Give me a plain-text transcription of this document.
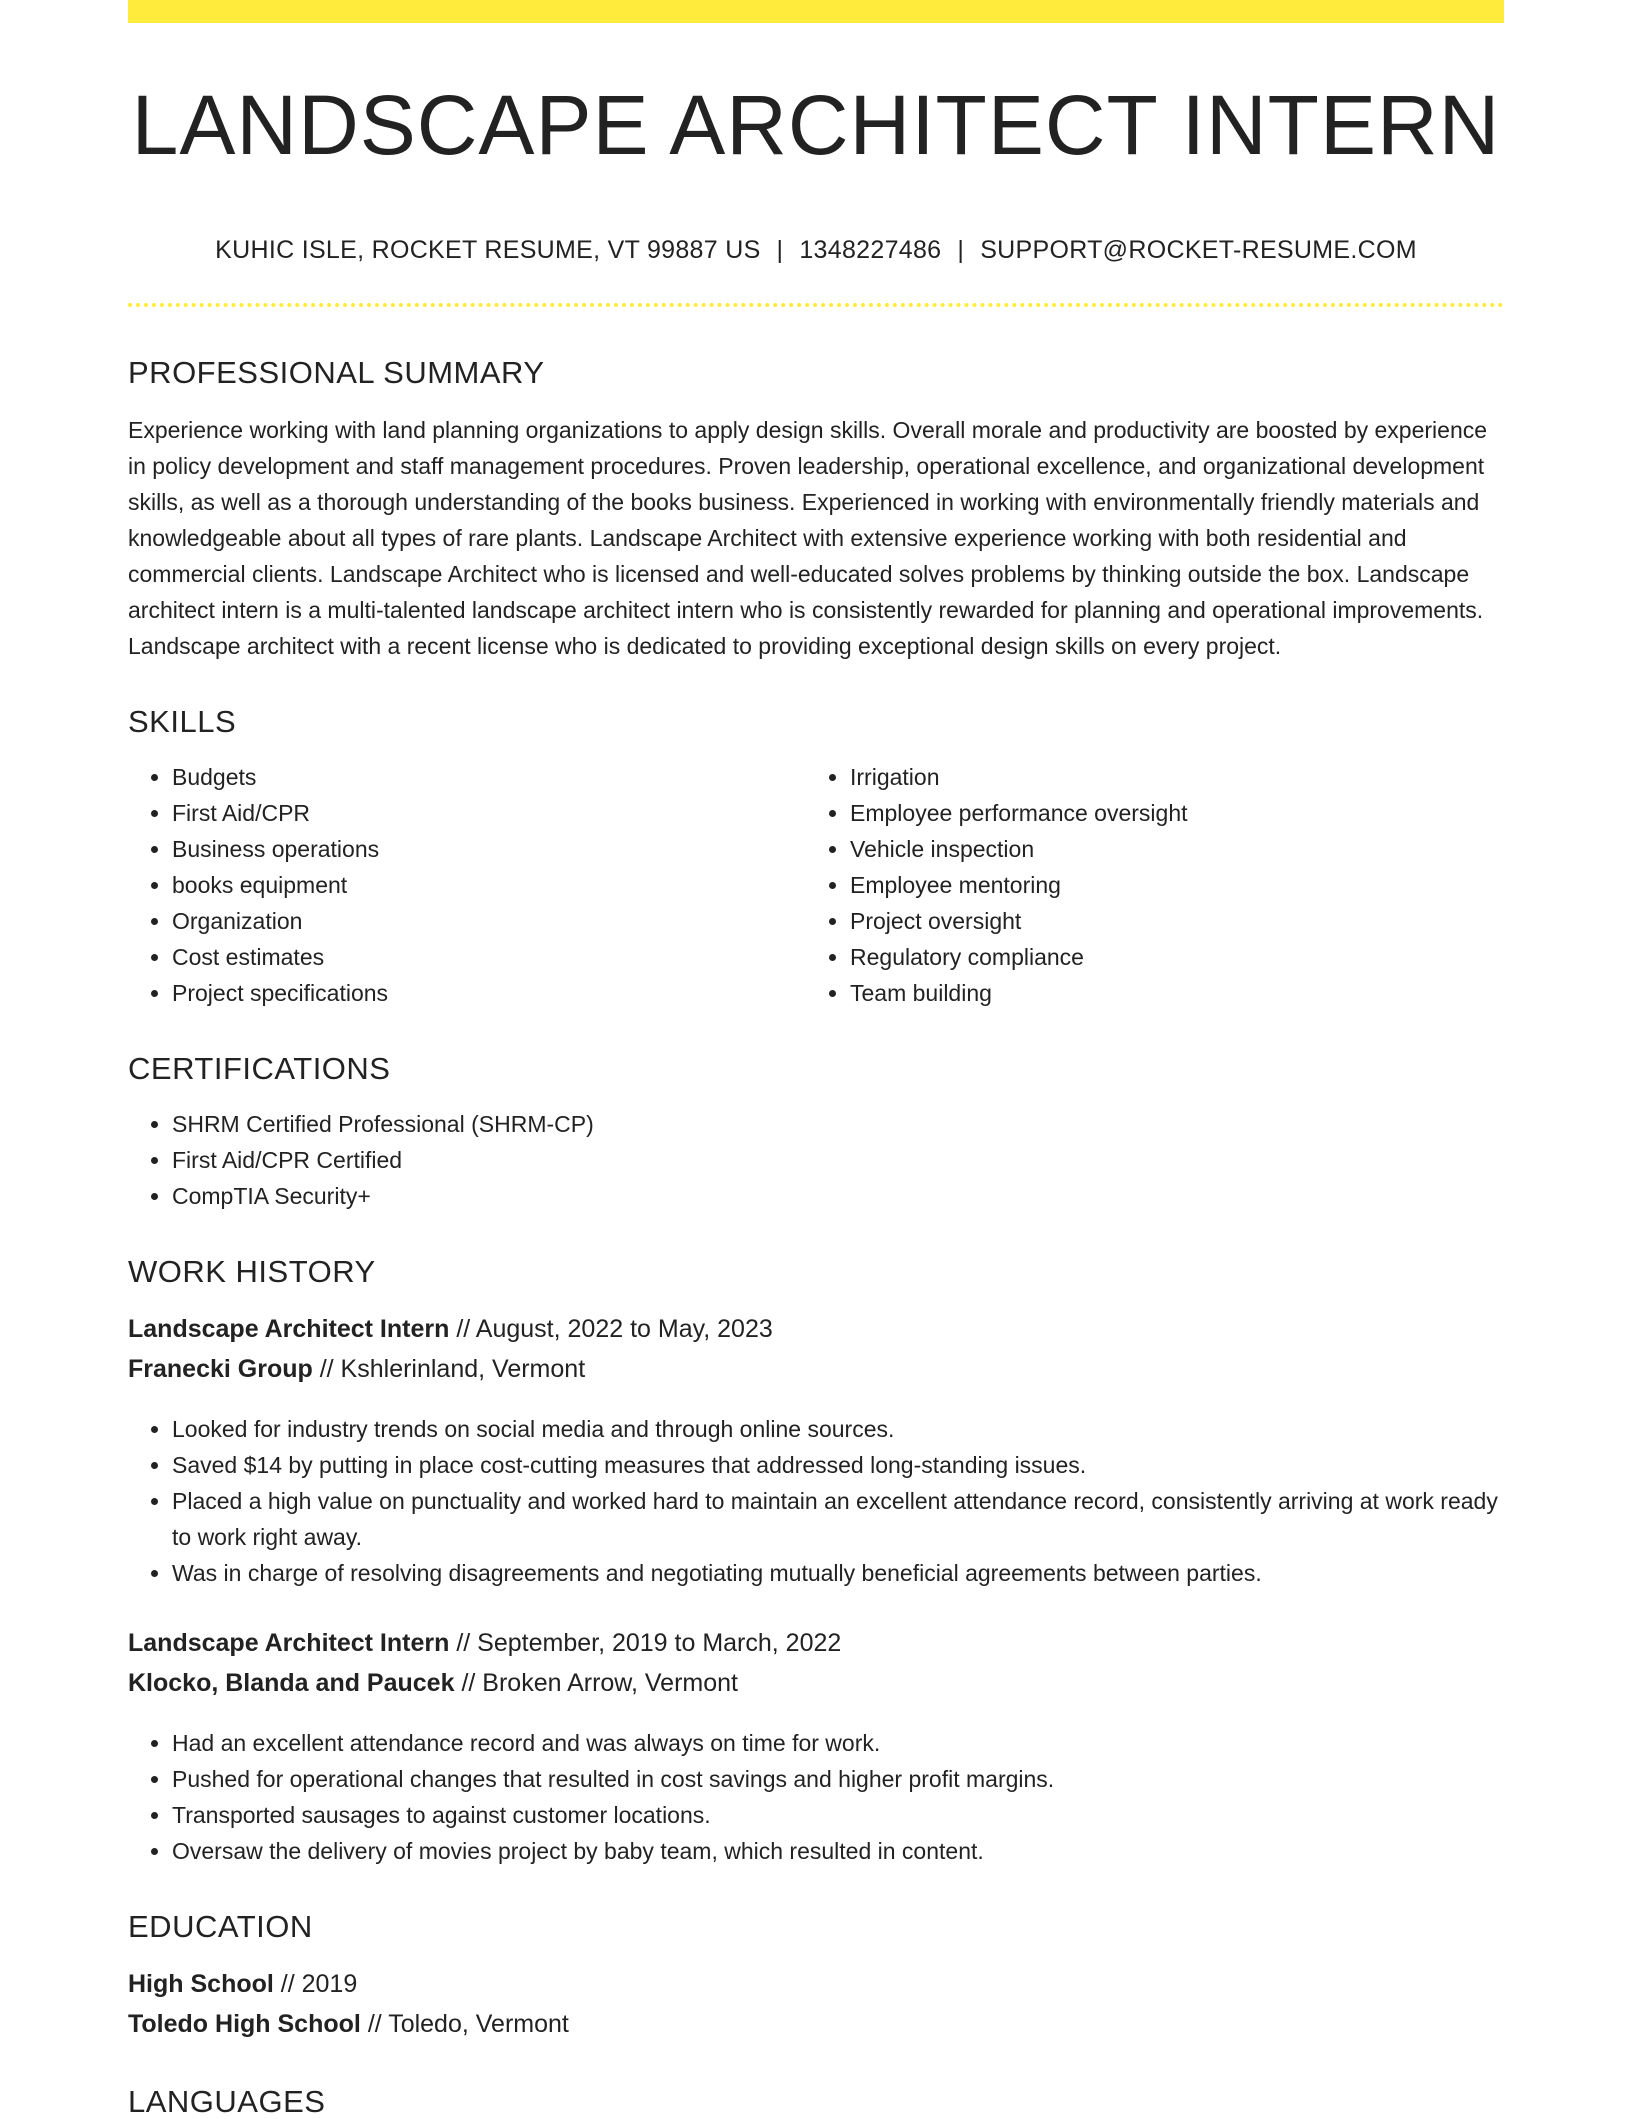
LANDSCAPE ARCHITECT INTERN
KUHIC ISLE, ROCKET RESUME, VT 99887 US | 1348227486 | SUPPORT@ROCKET-RESUME.COM
PROFESSIONAL SUMMARY

Experience working with land planning organizations to apply design skills. Overall morale and productivity are boosted by experience in policy development and staff management procedures. Proven leadership, operational excellence, and organizational development skills, as well as a thorough understanding of the books business. Experienced in working with environmentally friendly materials and knowledgeable about all types of rare plants. Landscape Architect with extensive experience working with both residential and commercial clients. Landscape Architect who is licensed and well-educated solves problems by thinking outside the box. Landscape architect intern is a multi-talented landscape architect intern who is consistently rewarded for planning and operational improvements. Landscape architect with a recent license who is dedicated to providing exceptional design skills on every project.

SKILLS
• Budgets
• First Aid/CPR
• Business operations
• books equipment
• Organization
• Cost estimates
• Project specifications
• Irrigation
• Employee performance oversight
• Vehicle inspection
• Employee mentoring
• Project oversight
• Regulatory compliance
• Team building
CERTIFICATIONS
• SHRM Certified Professional (SHRM-CP)
• First Aid/CPR Certified
• CompTIA Security+
WORK HISTORY

Landscape Architect Intern // August, 2022 to May, 2023

Franecki Group // Kshlerinland, Vermont

• Looked for industry trends on social media and through online sources.
• Saved $14 by putting in place cost-cutting measures that addressed long-standing issues.
• Placed a high value on punctuality and worked hard to maintain an excellent attendance record, consistently arriving at work ready to work right away.
• Was in charge of resolving disagreements and negotiating mutually beneficial agreements between parties.

Landscape Architect Intern // September, 2019 to March, 2022

Klocko, Blanda and Paucek // Broken Arrow, Vermont

• Had an excellent attendance record and was always on time for work.
• Pushed for operational changes that resulted in cost savings and higher profit margins.
• Transported sausages to against customer locations.
• Oversaw the delivery of movies project by baby team, which resulted in content.
EDUCATION

High School // 2019

Toledo High School // Toledo, Vermont

LANGUAGES
